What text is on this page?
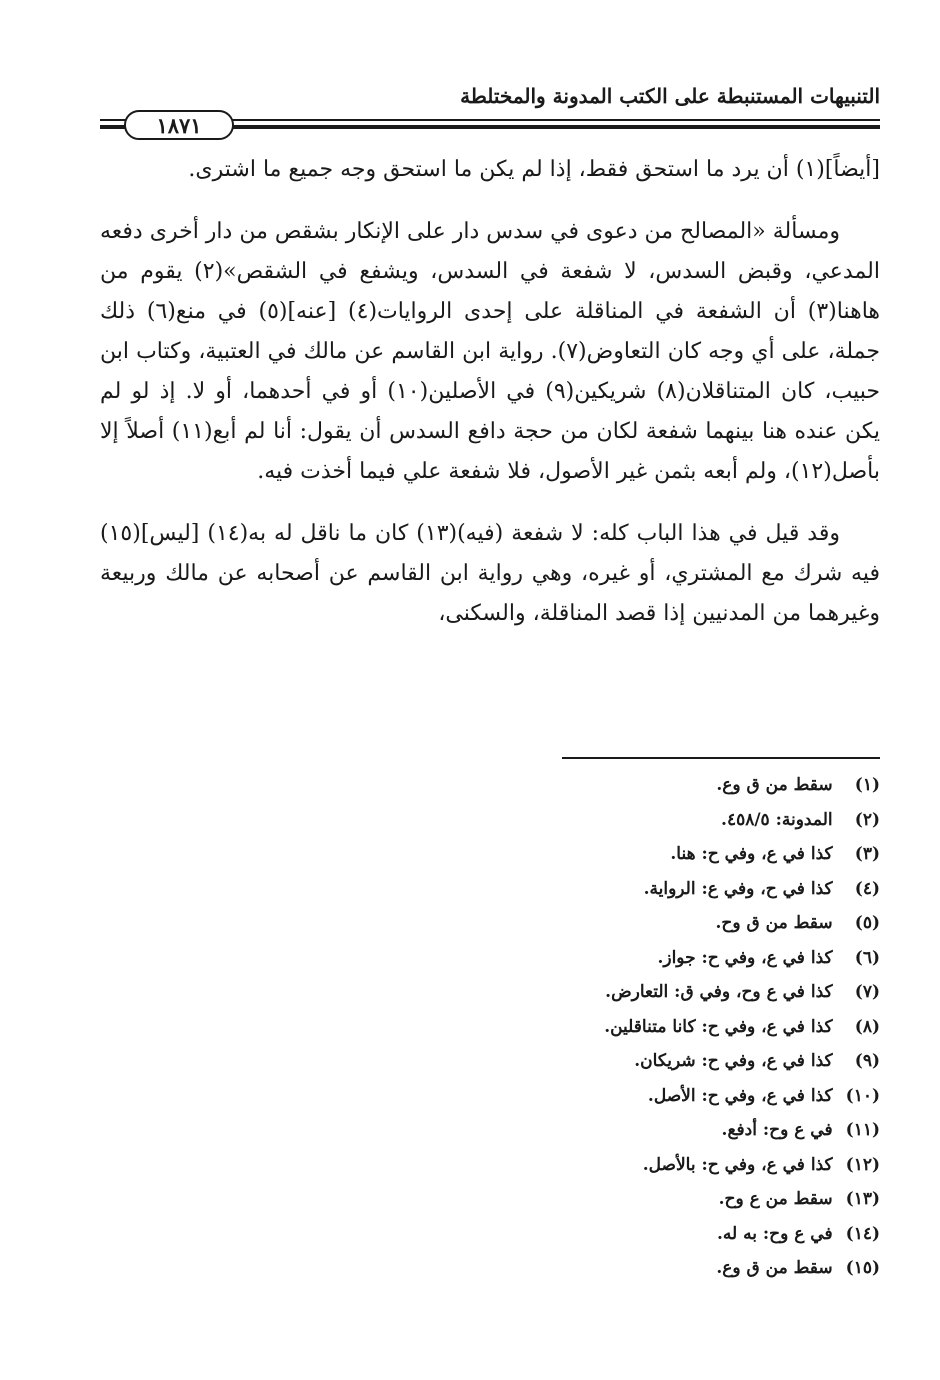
التنبيهات المستنبطة على الكتب المدونة والمختلطة
١٨٧١

[أيضاً](١) أن يرد ما استحق فقط، إذا لم يكن ما استحق وجه جميع ما اشترى.

ومسألة «المصالح من دعوى في سدس دار على الإنكار بشقص من دار أخرى دفعه المدعي، وقبض السدس، لا شفعة في السدس، ويشفع في الشقص»(٢) يقوم من هاهنا(٣) أن الشفعة في المناقلة على إحدى الروايات(٤) [عنه](٥) في منع(٦) ذلك جملة، على أي وجه كان التعاوض(٧). رواية ابن القاسم عن مالك في العتبية، وكتاب ابن حبيب، كان المتناقلان(٨) شريكين(٩) في الأصلين(١٠) أو في أحدهما، أو لا. إذ لو لم يكن عنده هنا بينهما شفعة لكان من حجة دافع السدس أن يقول: أنا لم أبع(١١) أصلاً إلا بأصل(١٢)، ولم أبعه بثمن غير الأصول، فلا شفعة علي فيما أخذت فيه.

وقد قيل في هذا الباب كله: لا شفعة (فيه)(١٣) كان ما ناقل له به(١٤) [ليس](١٥) فيه شرك مع المشتري، أو غيره، وهي رواية ابن القاسم عن أصحابه عن مالك وربيعة وغيرهما من المدنيين إذا قصد المناقلة، والسكنى،

(١) سقط من ق وع.
(٢) المدونة: ٤٥٨/٥.
(٣) كذا في ع، وفي ح: هنا.
(٤) كذا في ح، وفي ع: الرواية.
(٥) سقط من ق وح.
(٦) كذا في ع، وفي ح: جواز.
(٧) كذا في ع وح، وفي ق: التعارض.
(٨) كذا في ع، وفي ح: كانا متناقلين.
(٩) كذا في ع، وفي ح: شريكان.
(١٠) كذا في ع، وفي ح: الأصل.
(١١) في ع وح: أدفع.
(١٢) كذا في ع، وفي ح: بالأصل.
(١٣) سقط من ع وح.
(١٤) في ع وح: به له.
(١٥) سقط من ق وع.
